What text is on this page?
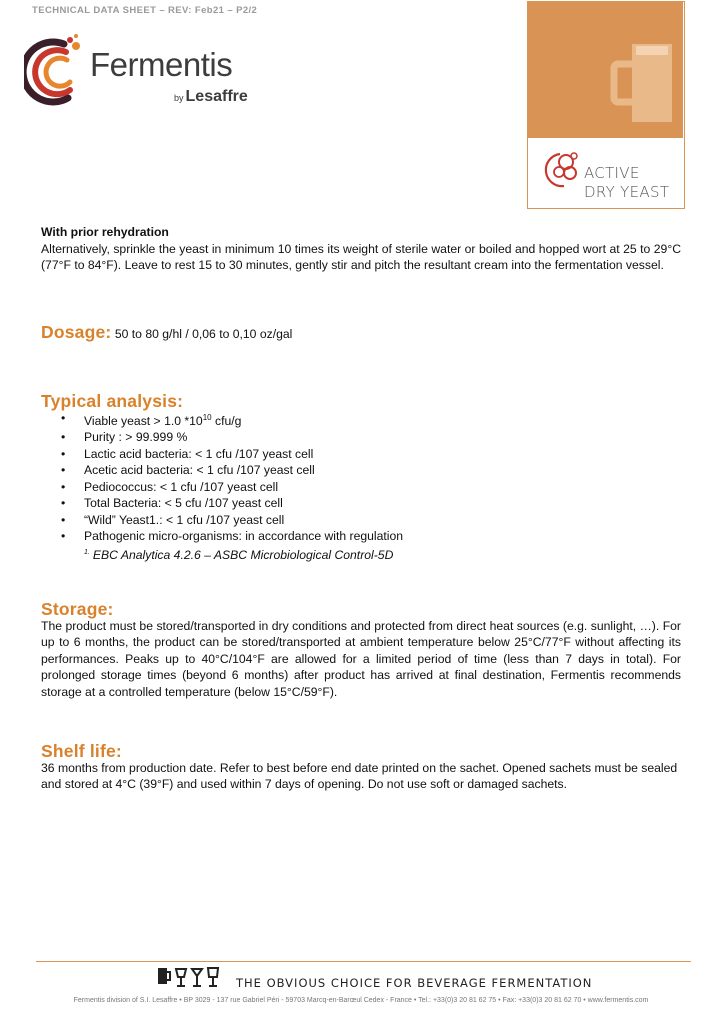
TECHNICAL DATA SHEET – REV: Feb21 – P2/2
Fermentis
by Lesaffre
ACTIVE
DRY YEAST
With prior rehydration
Alternatively, sprinkle the yeast in minimum 10 times its weight of sterile water or boiled and hopped wort at 25 to 29°C (77°F to 84°F). Leave to rest 15 to 30 minutes, gently stir and pitch the resultant cream into the fermentation vessel.
Dosage: 50 to 80 g/hl / 0,06 to 0,10 oz/gal
Typical analysis:
• Viable yeast > 1.0 $*10^{10}$ cfu/g
• Purity : > 99.999 %
• Lactic acid bacteria: < 1 cfu /107 yeast cell
• Acetic acid bacteria: < 1 cfu /107 yeast cell
• Pediococcus: < 1 cfu /107 yeast cell
• Total Bacteria: < 5 cfu /107 yeast cell
• “Wild” Yeast1.: < 1 cfu /107 yeast cell
• Pathogenic micro-organisms: in accordance with regulation
$^{1.}$ EBC Analytica 4.2.6 – ASBC Microbiological Control-5D
Storage:
The product must be stored/transported in dry conditions and protected from direct heat sources (e.g. sunlight, …). For up to 6 months, the product can be stored/transported at ambient temperature below 25°C/77°F without affecting its performances. Peaks up to 40°C/104°F are allowed for a limited period of time (less than 7 days in total). For prolonged storage times (beyond 6 months) after product has arrived at final destination, Fermentis recommends storage at a controlled temperature (below 15°C/59°F).
Shelf life:
36 months from production date. Refer to best before end date printed on the sachet. Opened sachets must be sealed and stored at 4°C (39°F) and used within 7 days of opening. Do not use soft or damaged sachets.
THE OBVIOUS CHOICE FOR BEVERAGE FERMENTATION
Fermentis division of S.I. Lesaffre • BP 3029 - 137 rue Gabriel Péri - 59703 Marcq-en-Barœul Cedex - France • Tel.: +33(0)3 20 81 62 75 • Fax: +33(0)3 20 81 62 70 • www.fermentis.com
